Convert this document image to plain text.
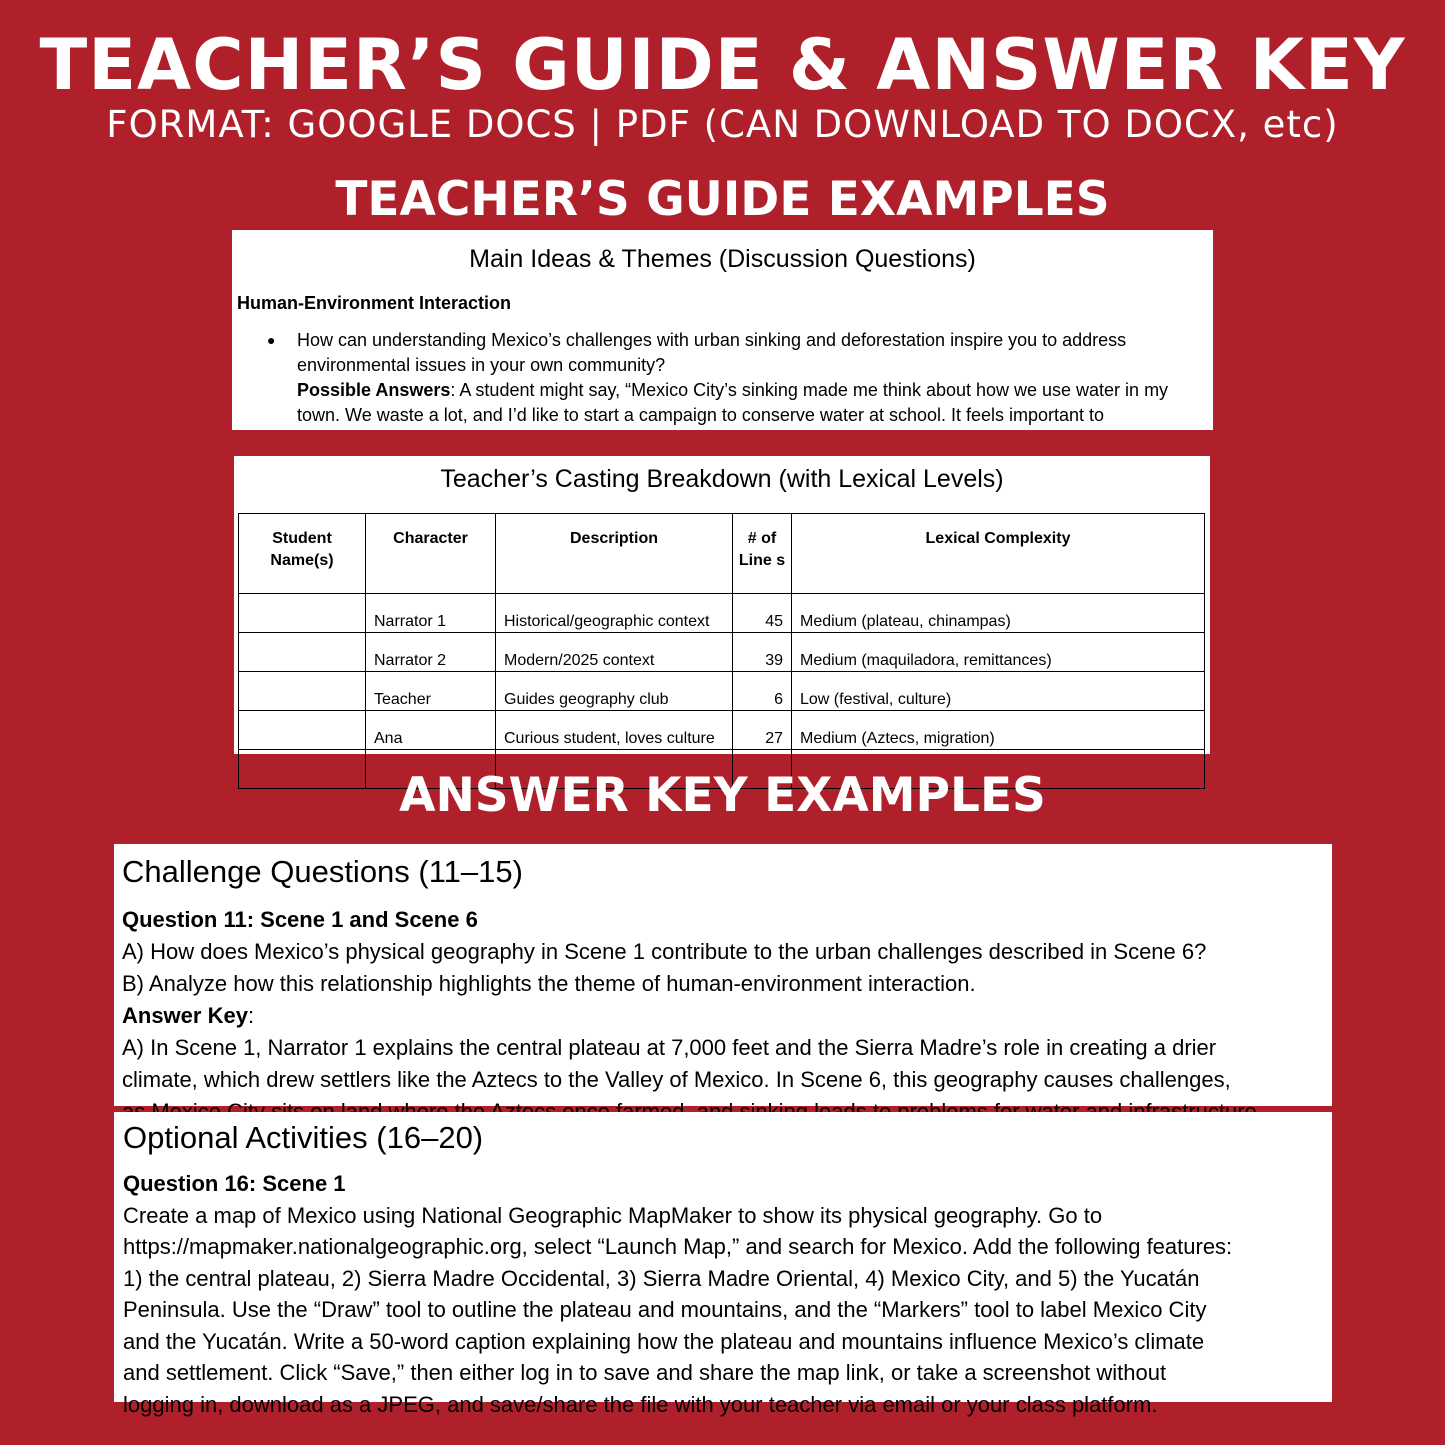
TEACHER’S GUIDE & ANSWER KEY
FORMAT: GOOGLE DOCS | PDF (CAN DOWNLOAD TO DOCX, etc)
TEACHER’S GUIDE EXAMPLES
Main Ideas & Themes (Discussion Questions)
Human-Environment Interaction
● How can understanding Mexico’s challenges with urban sinking and deforestation inspire you to address environmental issues in your own community?
Possible Answers: A student might say, “Mexico City’s sinking made me think about how we use water in my town. We waste a lot, and I’d like to start a campaign to conserve water at school. It feels important to
Teacher’s Casting Breakdown (with Lexical Levels)
Student Name(s)	Character	Description	# of Line s	Lexical Complexity
	Narrator 1	Historical/geographic context	45	Medium (plateau, chinampas)
	Narrator 2	Modern/2025 context	39	Medium (maquiladora, remittances)
	Teacher	Guides geography club	6	Low (festival, culture)
	Ana	Curious student, loves culture	27	Medium (Aztecs, migration)

ANSWER KEY EXAMPLES
Challenge Questions (11–15)
Question 11: Scene 1 and Scene 6
A) How does Mexico’s physical geography in Scene 1 contribute to the urban challenges described in Scene 6?
B) Analyze how this relationship highlights the theme of human-environment interaction.
Answer Key:
A) In Scene 1, Narrator 1 explains the central plateau at 7,000 feet and the Sierra Madre’s role in creating a drier
climate, which drew settlers like the Aztecs to the Valley of Mexico. In Scene 6, this geography causes challenges,
Optional Activities (16–20)
Question 16: Scene 1
Create a map of Mexico using National Geographic MapMaker to show its physical geography. Go to
https://mapmaker.nationalgeographic.org, select “Launch Map,” and search for Mexico. Add the following features:
1) the central plateau, 2) Sierra Madre Occidental, 3) Sierra Madre Oriental, 4) Mexico City, and 5) the Yucatán
Peninsula. Use the “Draw” tool to outline the plateau and mountains, and the “Markers” tool to label Mexico City
and the Yucatán. Write a 50-word caption explaining how the plateau and mountains influence Mexico’s climate
and settlement. Click “Save,” then either log in to save and share the map link, or take a screenshot without
logging in, download as a JPEG, and save/share the file with your teacher via email or your class platform.
